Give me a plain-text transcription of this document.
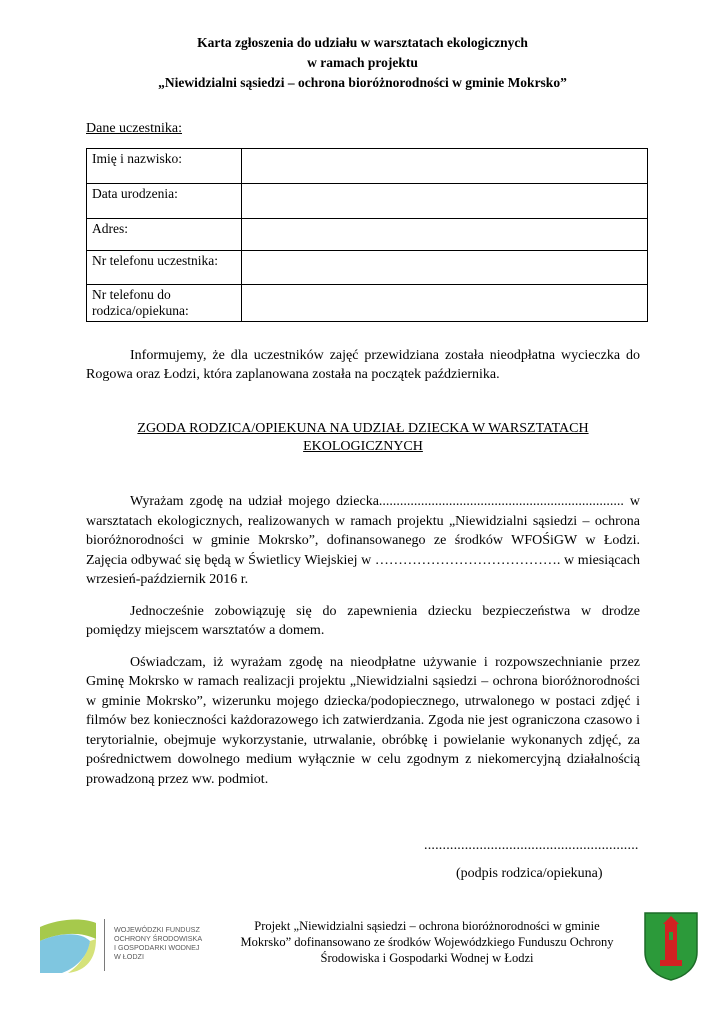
Karta zgłoszenia do udziału w warsztatach ekologicznych
w ramach projektu
„Niewidzialni sąsiedzi – ochrona bioróżnorodności w gminie Mokrsko”
Dane uczestnika:
Imię i nazwisko:	
Data urodzenia:	
Adres:	
Nr telefonu uczestnika:	

Nr telefonu do
rodzica/opiekuna:	

Informujemy, że dla uczestników zajęć przewidziana została nieodpłatna wycieczka do Rogowa oraz Łodzi, która zaplanowana została na początek października.

ZGODA RODZICA/OPIEKUNA NA UDZIAŁ DZIECKA W WARSZTATACH
EKOLOGICZNYCH

Wyrażam zgodę na udział mojego dziecka...................................................................... w warsztatach ekologicznych, realizowanych w ramach projektu „Niewidzialni sąsiedzi – ochrona bioróżnorodności w gminie Mokrsko”, dofinansowanego ze środków WFOŚiGW w Łodzi. Zajęcia odbywać się będą w Świetlicy Wiejskiej w …………………………………. w miesiącach wrzesień-październik 2016 r.

Jednocześnie zobowiązuję się do zapewnienia dziecku bezpieczeństwa w drodze pomiędzy miejscem warsztatów a domem.

Oświadczam, iż wyrażam zgodę na nieodpłatne używanie i rozpowszechnianie przez Gminę Mokrsko w ramach realizacji projektu „Niewidzialni sąsiedzi – ochrona bioróżnorodności w gminie Mokrsko”, wizerunku mojego dziecka/podopiecznego, utrwalonego w postaci zdjęć i filmów bez konieczności każdorazowego ich zatwierdzania. Zgoda nie jest ograniczona czasowo i terytorialnie, obejmuje wykorzystanie, utrwalanie, obróbkę i powielanie wykonanych zdjęć, za pośrednictwem dowolnego medium wyłącznie w celu zgodnym z niekomercyjną działalnością prowadzoną przez ww. podmiot.

..........................................................
(podpis rodzica/opiekuna)
WOJEWÓDZKI FUNDUSZ
OCHRONY ŚRODOWISKA
I GOSPODARKI WODNEJ
W ŁODZI
Projekt „Niewidzialni sąsiedzi – ochrona bioróżnorodności w gminie
Mokrsko” dofinansowano ze środków Wojewódzkiego Funduszu Ochrony
Środowiska i Gospodarki Wodnej w Łodzi
